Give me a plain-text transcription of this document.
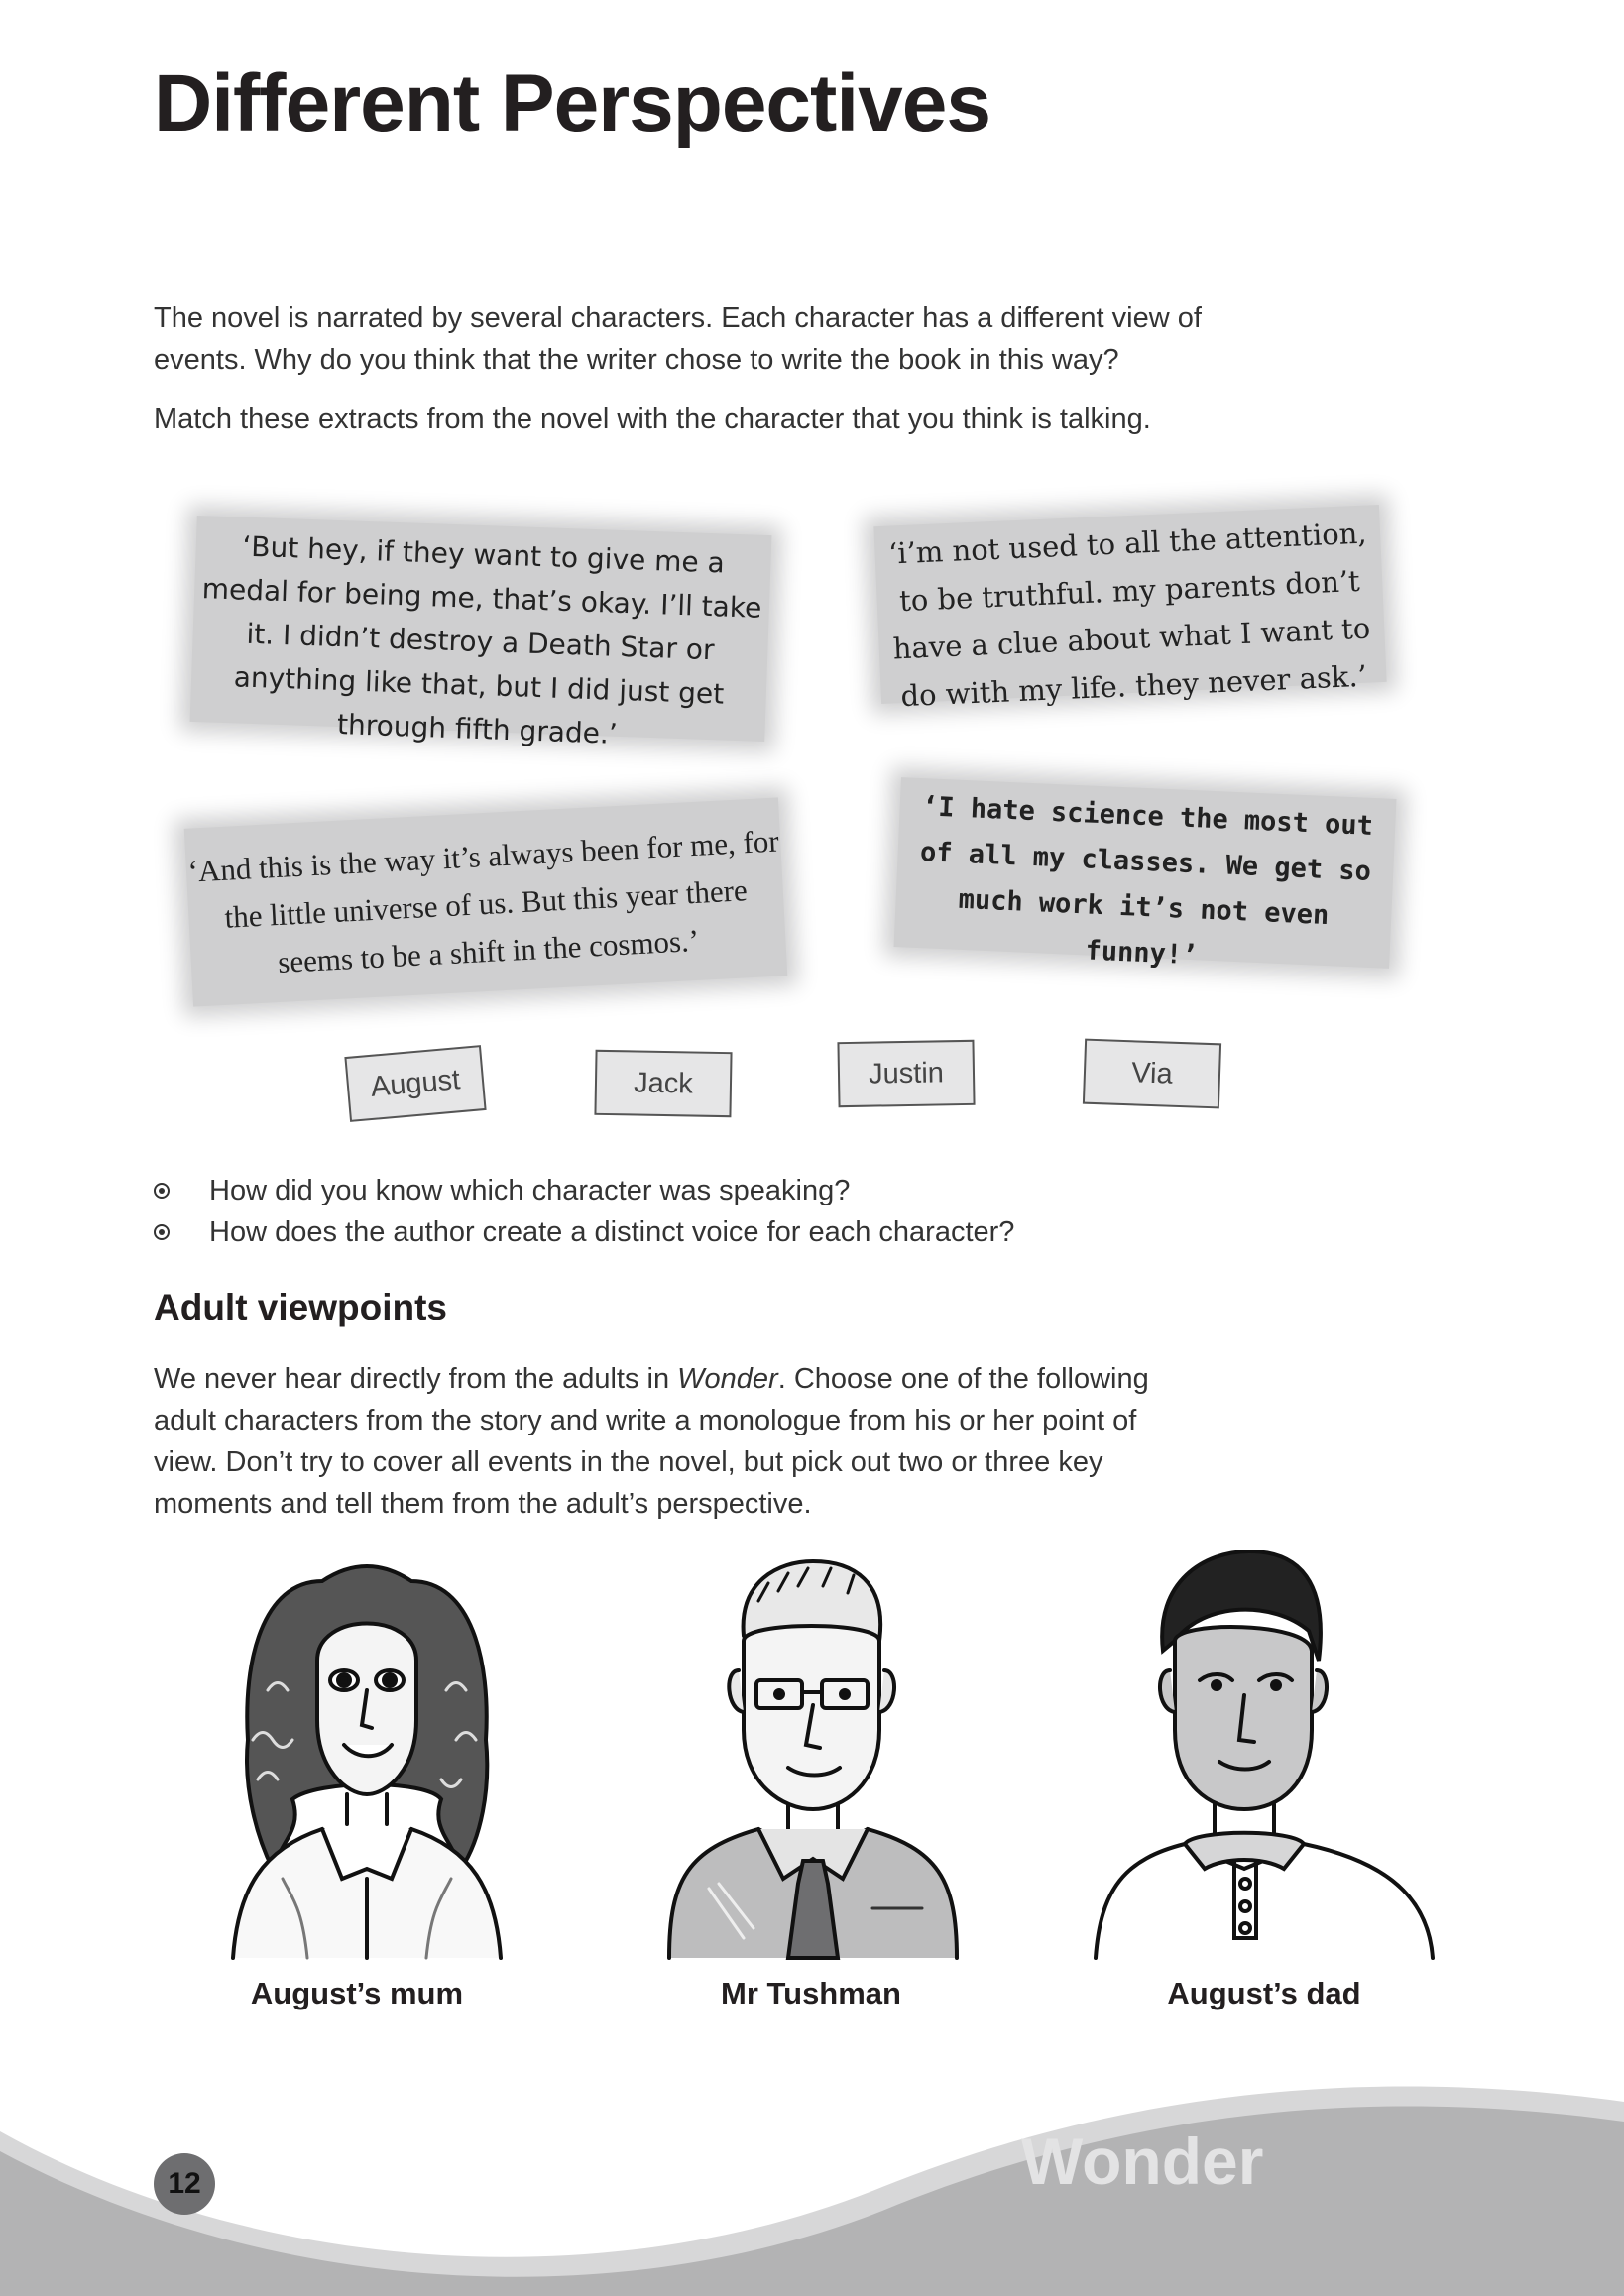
Different Perspectives

The novel is narrated by several characters. Each character has a different view of events. Why do you think that the writer chose to write the book in this way?

Match these extracts from the novel with the character that you think is talking.

‘But hey, if they want to give me a medal for being me, that’s okay. I’ll take it. I didn’t destroy a Death Star or anything like that, but I did just get through fifth grade.’
‘i’m not used to all the attention, to be truthful. my parents don’t have a clue about what I want to do with my life. they never ask.’
‘And this is the way it’s always been for me, for the little universe of us. But this year there seems to be a shift in the cosmos.’
‘I hate science the most out of all my classes. We get so much work it’s not even funny!’
August	Jack	Justin	Via
How did you know which character was speaking?
How does the author create a distinct voice for each character?
Adult viewpoints

We never hear directly from the adults in Wonder. Choose one of the following adult characters from the story and write a monologue from his or her point of view. Don’t try to cover all events in the novel, but pick out two or three key moments and tell them from the adult’s perspective.

August’s mum	Mr Tushman	August’s dad
12	Wonder
